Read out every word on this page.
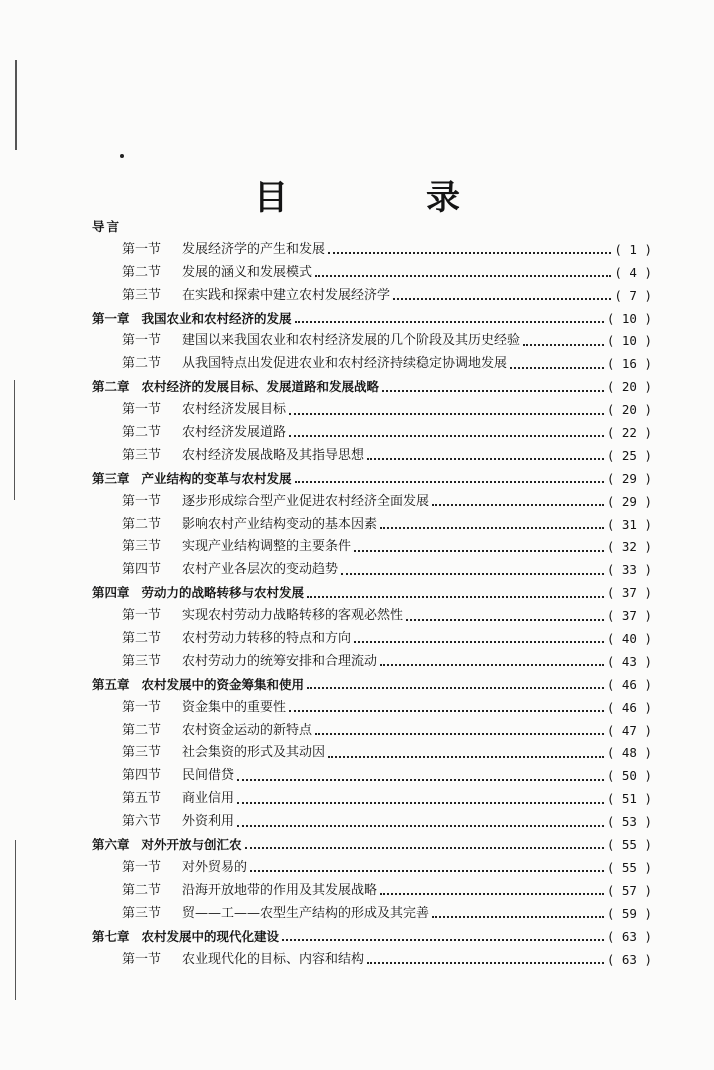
目　录
导言
第一节	发展经济学的产生和发展	( 1 )
第二节	发展的涵义和发展模式	( 4 )
第三节	在实践和探索中建立农村发展经济学	( 7 )
第一章 我国农业和农村经济的发展	( 10 )
第一节	建国以来我国农业和农村经济发展的几个阶段及其历史经验	( 10 )
第二节	从我国特点出发促进农业和农村经济持续稳定协调地发展	( 16 )
第二章 农村经济的发展目标、发展道路和发展战略	( 20 )
第一节	农村经济发展目标	( 20 )
第二节	农村经济发展道路	( 22 )
第三节	农村经济发展战略及其指导思想	( 25 )
第三章 产业结构的变革与农村发展	( 29 )
第一节	逐步形成综合型产业促进农村经济全面发展	( 29 )
第二节	影响农村产业结构变动的基本因素	( 31 )
第三节	实现产业结构调整的主要条件	( 32 )
第四节	农村产业各层次的变动趋势	( 33 )
第四章 劳动力的战略转移与农村发展	( 37 )
第一节	实现农村劳动力战略转移的客观必然性	( 37 )
第二节	农村劳动力转移的特点和方向	( 40 )
第三节	农村劳动力的统筹安排和合理流动	( 43 )
第五章 农村发展中的资金筹集和使用	( 46 )
第一节	资金集中的重要性	( 46 )
第二节	农村资金运动的新特点	( 47 )
第三节	社会集资的形式及其动因	( 48 )
第四节	民间借贷	( 50 )
第五节	商业信用	( 51 )
第六节	外资利用	( 53 )
第六章 对外开放与创汇农	( 55 )
第一节	对外贸易的	( 55 )
第二节	沿海开放地带的作用及其发展战略	( 57 )
第三节	贸——工——农型生产结构的形成及其完善	( 59 )
第七章 农村发展中的现代化建设	( 63 )
第一节	农业现代化的目标、内容和结构	( 63 )
